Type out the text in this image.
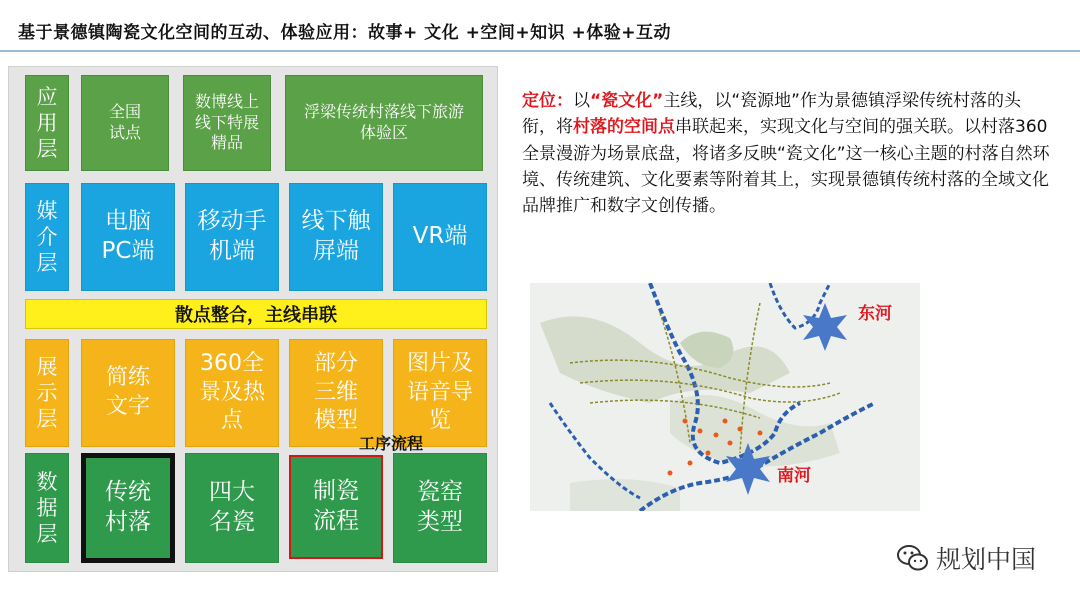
基于景德镇陶瓷文化空间的互动、体验应用：故事+ 文化 +空间+知识 +体验+互动
应
用
层
全国
试点
数博线上
线下特展
精品
浮梁传统村落线下旅游
体验区
媒
介
层
电脑
PC端
移动手
机端
线下触
屏端
VR端
散点整合，主线串联
展
示
层
简练
文字
360全
景及热
点
部分
三维
模型
图片及
语音导
览
数
据
层
传统
村落
四大
名瓷
制瓷
流程
瓷窑
类型
工序流程
定位：以“瓷文化”主线，以“瓷源地”作为景德镇浮梁传统村落的头衔，将村落的空间点串联起来，实现文化与空间的强关联。以村落360全景漫游为场景底盘，将诸多反映“瓷文化”这一核心主题的村落自然环境、传统建筑、文化要素等附着其上，实现景德镇传统村落的全域文化品牌推广和数字文创传播。
东河
南河
规划中国
